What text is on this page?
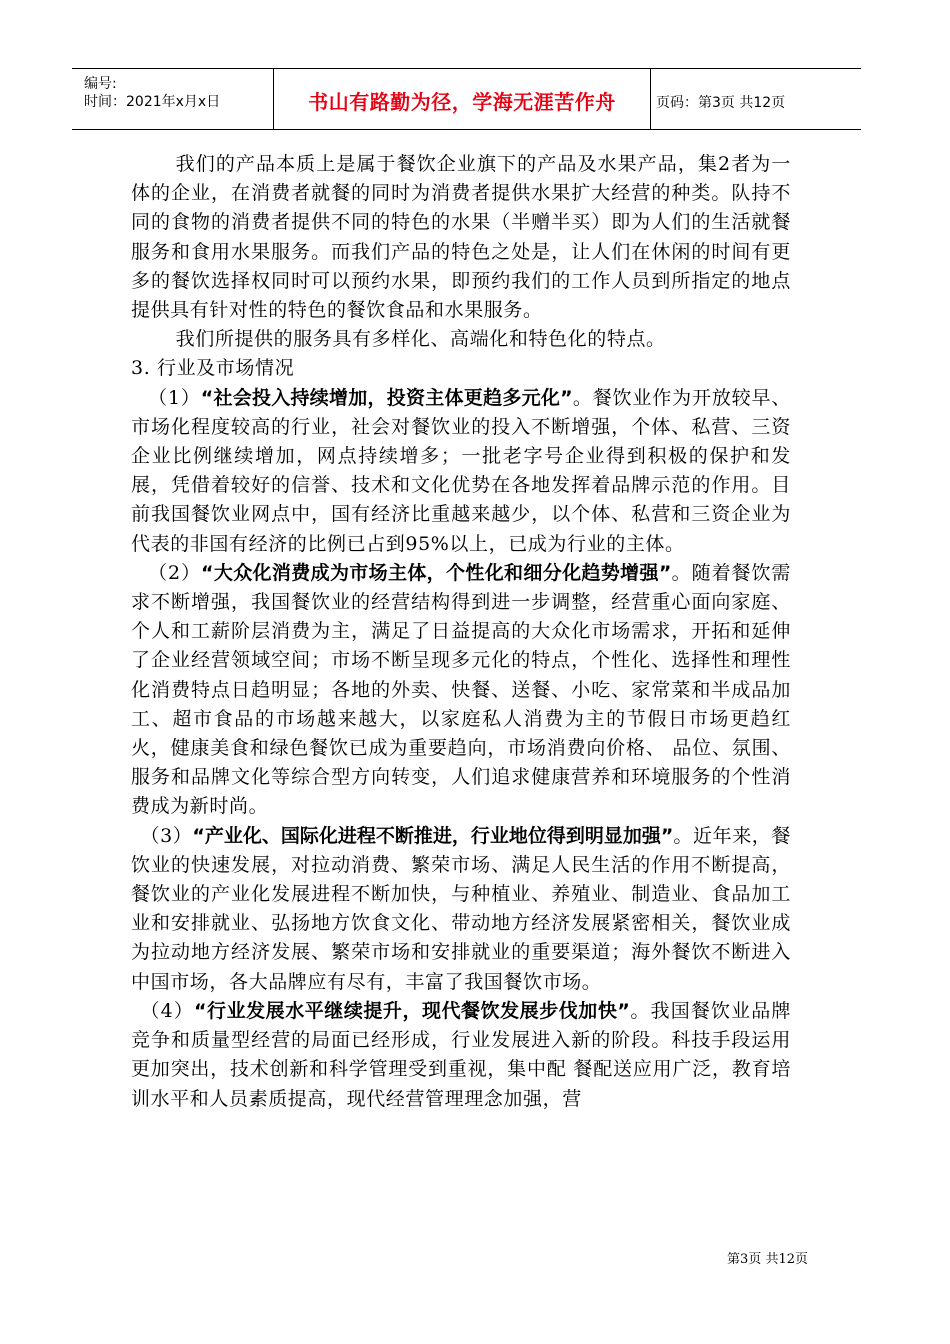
编号:
时间：2021年x月x日	书山有路勤为径，学海无涯苦作舟	页码：第3页 共12页

我们的产品本质上是属于餐饮企业旗下的产品及水果产品，集2者为一体的企业，在消费者就餐的同时为消费者提供水果扩大经营的种类。队持不同的食物的消费者提供不同的特色的水果（半赠半买）即为人们的生活就餐服务和食用水果服务。而我们产品的特色之处是，让人们在休闲的时间有更多的餐饮选择权同时可以预约水果，即预约我们的工作人员到所指定的地点提供具有针对性的特色的餐饮食品和水果服务。

我们所提供的服务具有多样化、高端化和特色化的特点。

3. 行业及市场情况

（1）“社会投入持续增加，投资主体更趋多元化”。餐饮业作为开放较早、市场化程度较高的行业，社会对餐饮业的投入不断增强，个体、私营、三资企业比例继续增加，网点持续增多；一批老字号企业得到积极的保护和发展，凭借着较好的信誉、技术和文化优势在各地发挥着品牌示范的作用。目前我国餐饮业网点中，国有经济比重越来越少，以个体、私营和三资企业为代表的非国有经济的比例已占到95%以上，已成为行业的主体。

（2）“大众化消费成为市场主体，个性化和细分化趋势增强”。随着餐饮需求不断增强，我国餐饮业的经营结构得到进一步调整，经营重心面向家庭、个人和工薪阶层消费为主，满足了日益提高的大众化市场需求，开拓和延伸了企业经营领域空间；市场不断呈现多元化的特点，个性化、选择性和理性化消费特点日趋明显；各地的外卖、快餐、送餐、小吃、家常菜和半成品加工、超市食品的市场越来越大，以家庭私人消费为主的节假日市场更趋红火，健康美食和绿色餐饮已成为重要趋向，市场消费向价格、 品位、氛围、服务和品牌文化等综合型方向转变，人们追求健康营养和环境服务的个性消费成为新时尚。

（3）“产业化、国际化进程不断推进，行业地位得到明显加强”。近年来，餐饮业的快速发展，对拉动消费、繁荣市场、满足人民生活的作用不断提高，餐饮业的产业化发展进程不断加快，与种植业、养殖业、制造业、食品加工业和安排就业、弘扬地方饮食文化、带动地方经济发展紧密相关，餐饮业成为拉动地方经济发展、繁荣市场和安排就业的重要渠道；海外餐饮不断进入中国市场，各大品牌应有尽有，丰富了我国餐饮市场。

（4）“行业发展水平继续提升，现代餐饮发展步伐加快”。我国餐饮业品牌竞争和质量型经营的局面已经形成，行业发展进入新的阶段。科技手段运用更加突出，技术创新和科学管理受到重视，集中配 餐配送应用广泛，教育培训水平和人员素质提高，现代经营管理理念加强，营

第3页 共12页
